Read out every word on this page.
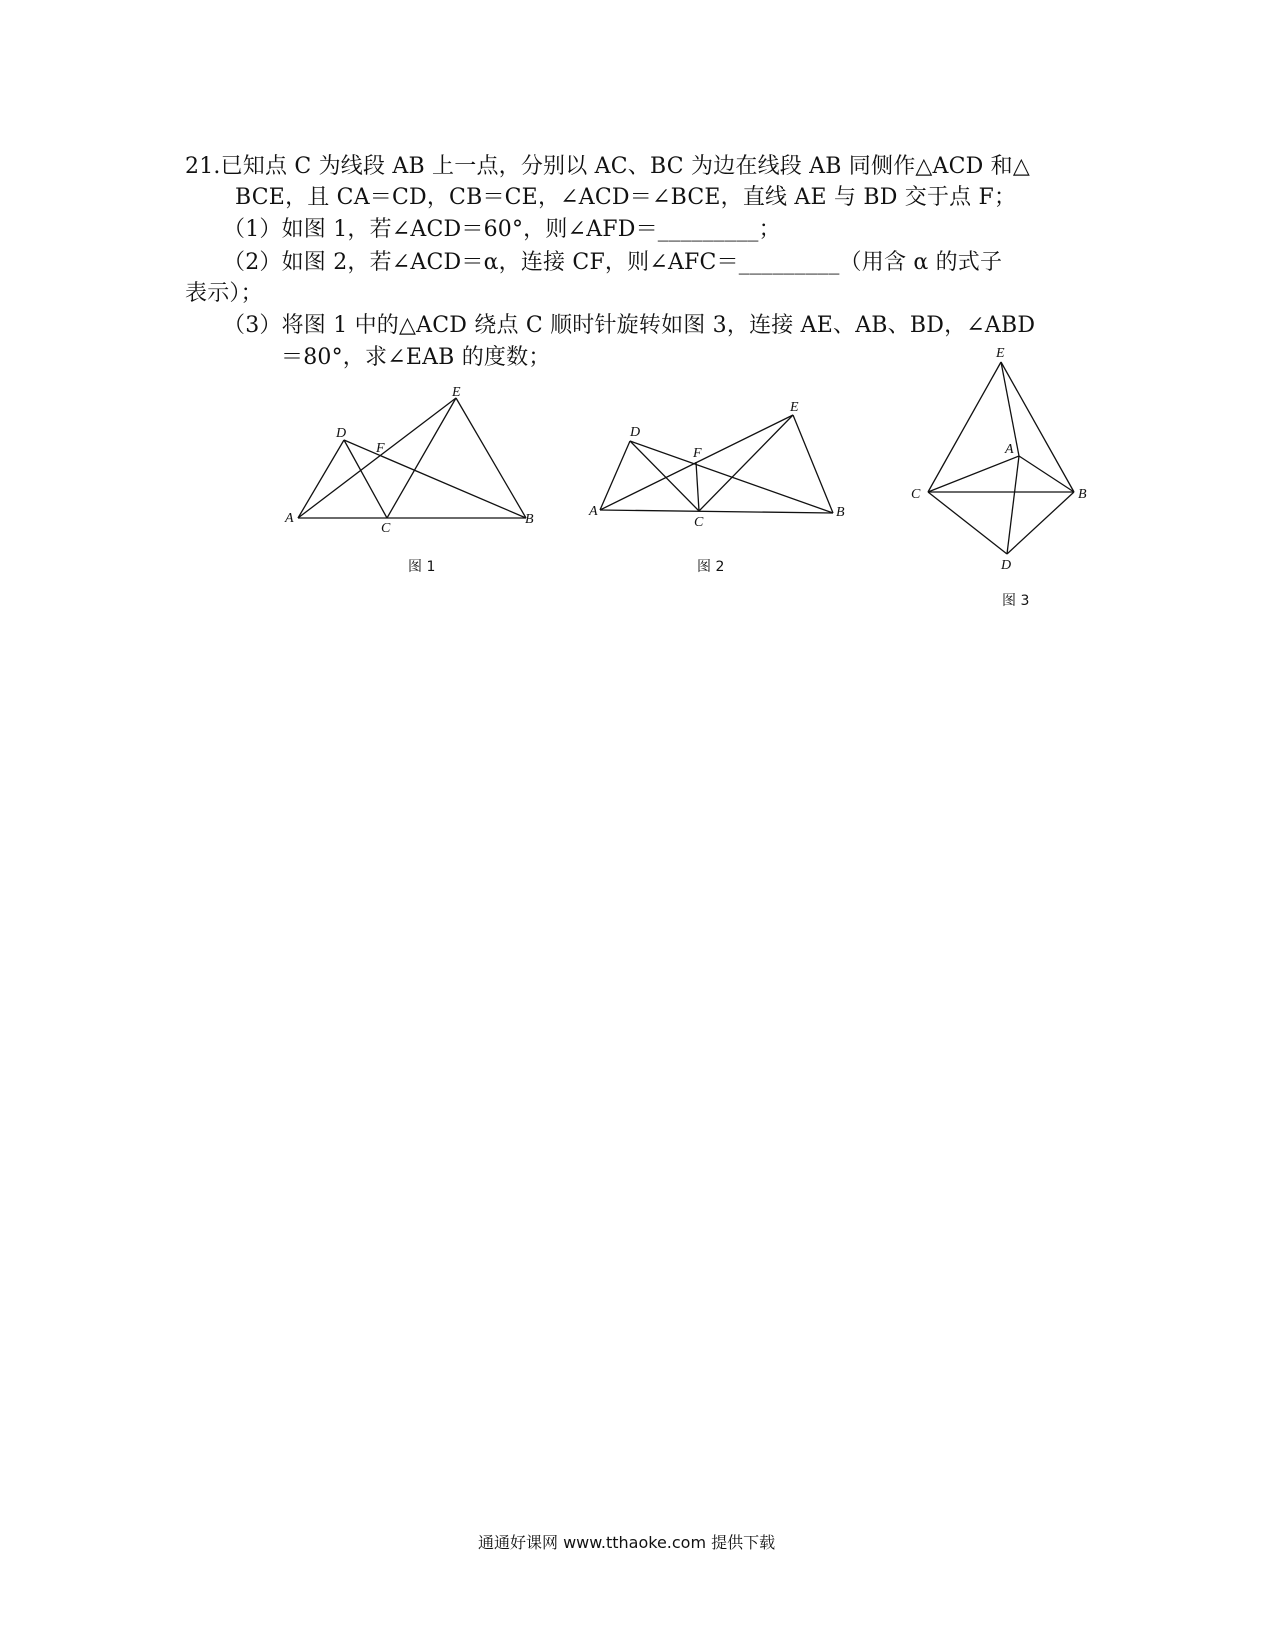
21.已知点 C 为线段 AB 上一点，分别以 AC、BC 为边在线段 AB 同侧作△ACD 和△
BCE，且 CA＝CD，CB＝CE，∠ACD＝∠BCE，直线 AE 与 BD 交于点 F；
（1）如图 1，若∠ACD＝60°，则∠AFD＝_________；
（2）如图 2，若∠ACD＝α，连接 CF，则∠AFC＝_________（用含 α 的式子
表示）；
（3）将图 1 中的△ACD 绕点 C 顺时针旋转如图 3，连接 AE、AB、BD，∠ABD
＝80°，求∠EAB 的度数；
A	B
C
D
E
F
图 1
A	B
C
D
E
F
图 2
A
B
C
D
E
图 3
通通好课网 www.tthaoke.com 提供下载
